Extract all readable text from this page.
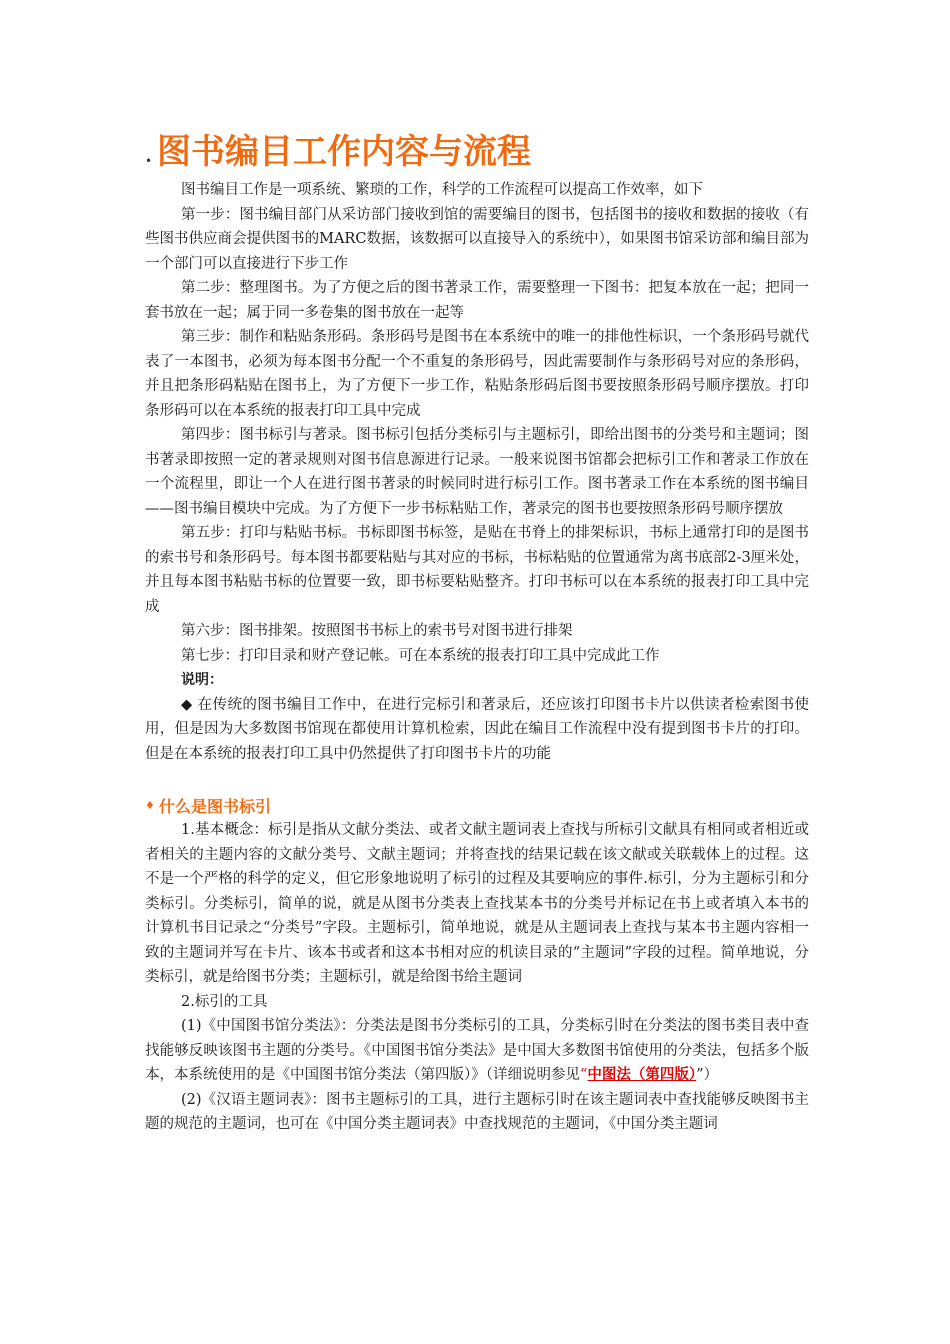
• 图书编目工作内容与流程

图书编目工作是一项系统、繁琐的工作，科学的工作流程可以提高工作效率，如下

第一步：图书编目部门从采访部门接收到馆的需要编目的图书，包括图书的接收和数据的接收（有些图书供应商会提供图书的MARC数据，该数据可以直接导入的系统中），如果图书馆采访部和编目部为一个部门可以直接进行下步工作

第二步：整理图书。为了方便之后的图书著录工作，需要整理一下图书：把复本放在一起；把同一套书放在一起；属于同一多卷集的图书放在一起等

第三步：制作和粘贴条形码。条形码号是图书在本系统中的唯一的排他性标识，一个条形码号就代表了一本图书，必须为每本图书分配一个不重复的条形码号，因此需要制作与条形码号对应的条形码，并且把条形码粘贴在图书上，为了方便下一步工作，粘贴条形码后图书要按照条形码号顺序摆放。打印条形码可以在本系统的报表打印工具中完成

第四步：图书标引与著录。图书标引包括分类标引与主题标引，即给出图书的分类号和主题词；图书著录即按照一定的著录规则对图书信息源进行记录。一般来说图书馆都会把标引工作和著录工作放在一个流程里，即让一个人在进行图书著录的时候同时进行标引工作。图书著录工作在本系统的图书编目——图书编目模块中完成。为了方便下一步书标粘贴工作，著录完的图书也要按照条形码号顺序摆放

第五步：打印与粘贴书标。书标即图书标签，是贴在书脊上的排架标识，书标上通常打印的是图书的索书号和条形码号。每本图书都要粘贴与其对应的书标，书标粘贴的位置通常为离书底部2-3厘米处，并且每本图书粘贴书标的位置要一致，即书标要粘贴整齐。打印书标可以在本系统的报表打印工具中完成

第六步：图书排架。按照图书书标上的索书号对图书进行排架

第七步：打印目录和财产登记帐。可在本系统的报表打印工具中完成此工作

说明：

◆ 在传统的图书编目工作中，在进行完标引和著录后，还应该打印图书卡片以供读者检索图书使用，但是因为大多数图书馆现在都使用计算机检索，因此在编目工作流程中没有提到图书卡片的打印。但是在本系统的报表打印工具中仍然提供了打印图书卡片的功能

♦ 什么是图书标引

1.基本概念：标引是指从文献分类法、或者文献主题词表上查找与所标引文献具有相同或者相近或者相关的主题内容的文献分类号、文献主题词；并将查找的结果记载在该文献或关联载体上的过程。这不是一个严格的科学的定义，但它形象地说明了标引的过程及其要响应的事件.标引，分为主题标引和分类标引。分类标引，简单的说，就是从图书分类表上查找某本书的分类号并标记在书上或者填入本书的计算机书目记录之“分类号”字段。主题标引，简单地说，就是从主题词表上查找与某本书主题内容相一致的主题词并写在卡片、该本书或者和这本书相对应的机读目录的“主题词”字段的过程。简单地说，分类标引，就是给图书分类；主题标引，就是给图书给主题词

2.标引的工具

(1)《中国图书馆分类法》：分类法是图书分类标引的工具，分类标引时在分类法的图书类目表中查找能够反映该图书主题的分类号。《中国图书馆分类法》是中国大多数图书馆使用的分类法，包括多个版本，本系统使用的是《中国图书馆分类法（第四版）》（详细说明参见“中图法（第四版）”）

(2)《汉语主题词表》：图书主题标引的工具，进行主题标引时在该主题词表中查找能够反映图书主题的规范的主题词，也可在《中国分类主题词表》中查找规范的主题词，《中国分类主题词
